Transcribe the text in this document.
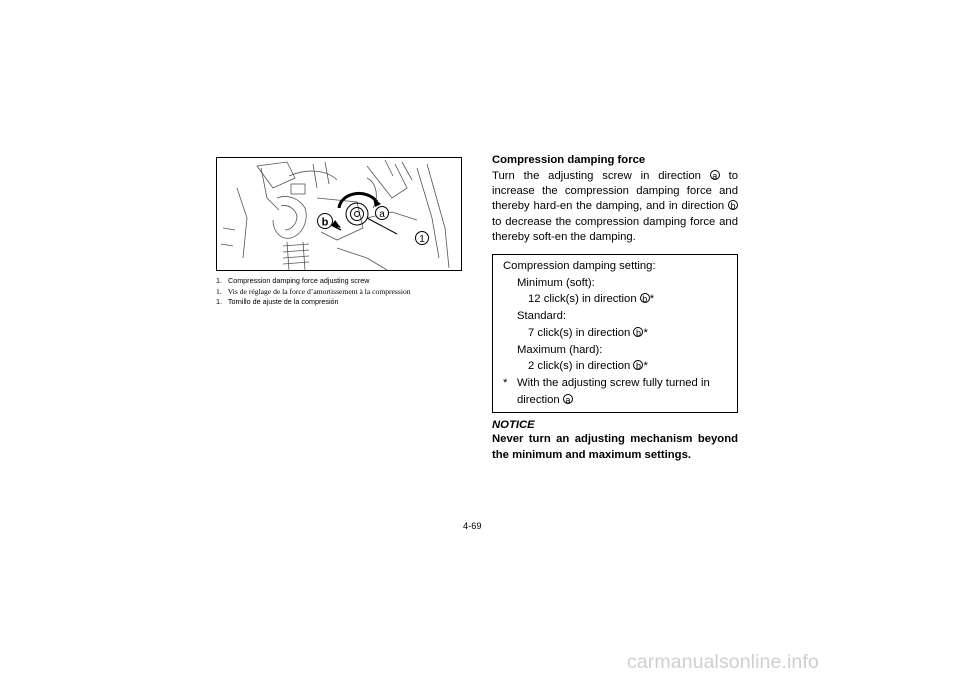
b
a
1
1. Compression damping force adjusting screw
1. Vis de réglage de la force d’amortissement à la compression
1. Tornillo de ajuste de la compresión
Compression damping force
Turn the adjusting screw in direction a to increase the compression damping force and thereby hard-en the damping, and in direction b to decrease the compression damping force and thereby soft-en the damping.
Compression damping setting:
Minimum (soft):
12 click(s) in direction b *
Standard:
7 click(s) in direction b *
Maximum (hard):
2 click(s) in direction b *
* With the adjusting screw fully turned in direction a
NOTICE
Never turn an adjusting mechanism beyond the minimum and maximum settings.
4-69
carmanualsonline.info
